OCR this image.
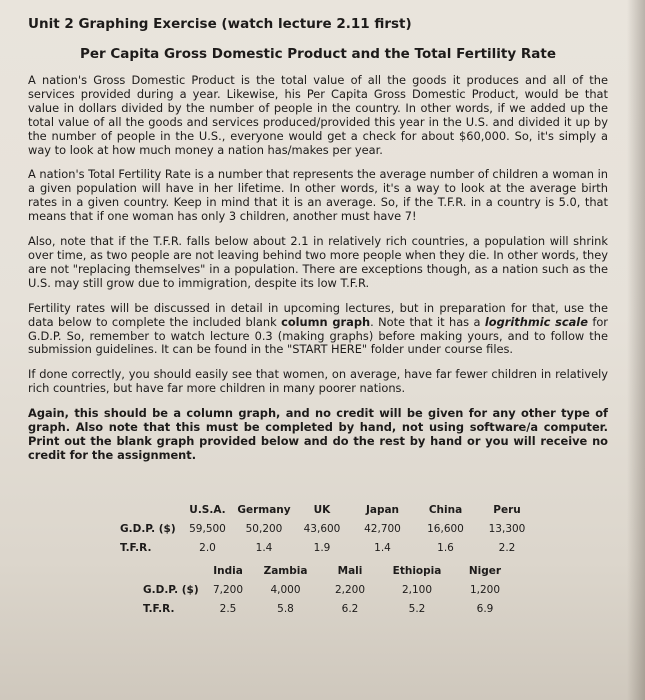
Unit 2 Graphing Exercise (watch lecture 2.11 first)
Per Capita Gross Domestic Product and the Total Fertility Rate

A nation's Gross Domestic Product is the total value of all the goods it produces and all of the services provided during a year. Likewise, his Per Capita Gross Domestic Product, would be that value in dollars divided by the number of people in the country. In other words, if we added up the total value of all the goods and services produced/provided this year in the U.S. and divided it up by the number of people in the U.S., everyone would get a check for about $60,000. So, it's simply a way to look at how much money a nation has/makes per year.

A nation's Total Fertility Rate is a number that represents the average number of children a woman in a given population will have in her lifetime. In other words, it's a way to look at the average birth rates in a given country. Keep in mind that it is an average. So, if the T.F.R. in a country is 5.0, that means that if one woman has only 3 children, another must have 7!

Also, note that if the T.F.R. falls below about 2.1 in relatively rich countries, a population will shrink over time, as two people are not leaving behind two more people when they die. In other words, they are not "replacing themselves" in a population. There are exceptions though, as a nation such as the U.S. may still grow due to immigration, despite its low T.F.R.

Fertility rates will be discussed in detail in upcoming lectures, but in preparation for that, use the data below to complete the included blank column graph. Note that it has a logrithmic scale for G.D.P. So, remember to watch lecture 0.3 (making graphs) before making yours, and to follow the submission guidelines. It can be found in the "START HERE" folder under course files.

If done correctly, you should easily see that women, on average, have far fewer children in relatively rich countries, but have far more children in many poorer nations.

Again, this should be a column graph, and no credit will be given for any other type of graph. Also note that this must be completed by hand, not using software/a computer. Print out the blank graph provided below and do the rest by hand or you will receive no credit for the assignment.

	U.S.A.	Germany	UK	Japan	China	Peru
G.D.P. ($)	59,500	50,200	43,600	42,700	16,600	13,300
T.F.R.	2.0	1.4	1.9	1.4	1.6	2.2
	India	Zambia	Mali	Ethiopia	Niger
G.D.P. ($)	7,200	4,000	2,200	2,100	1,200
T.F.R.	2.5	5.8	6.2	5.2	6.9
